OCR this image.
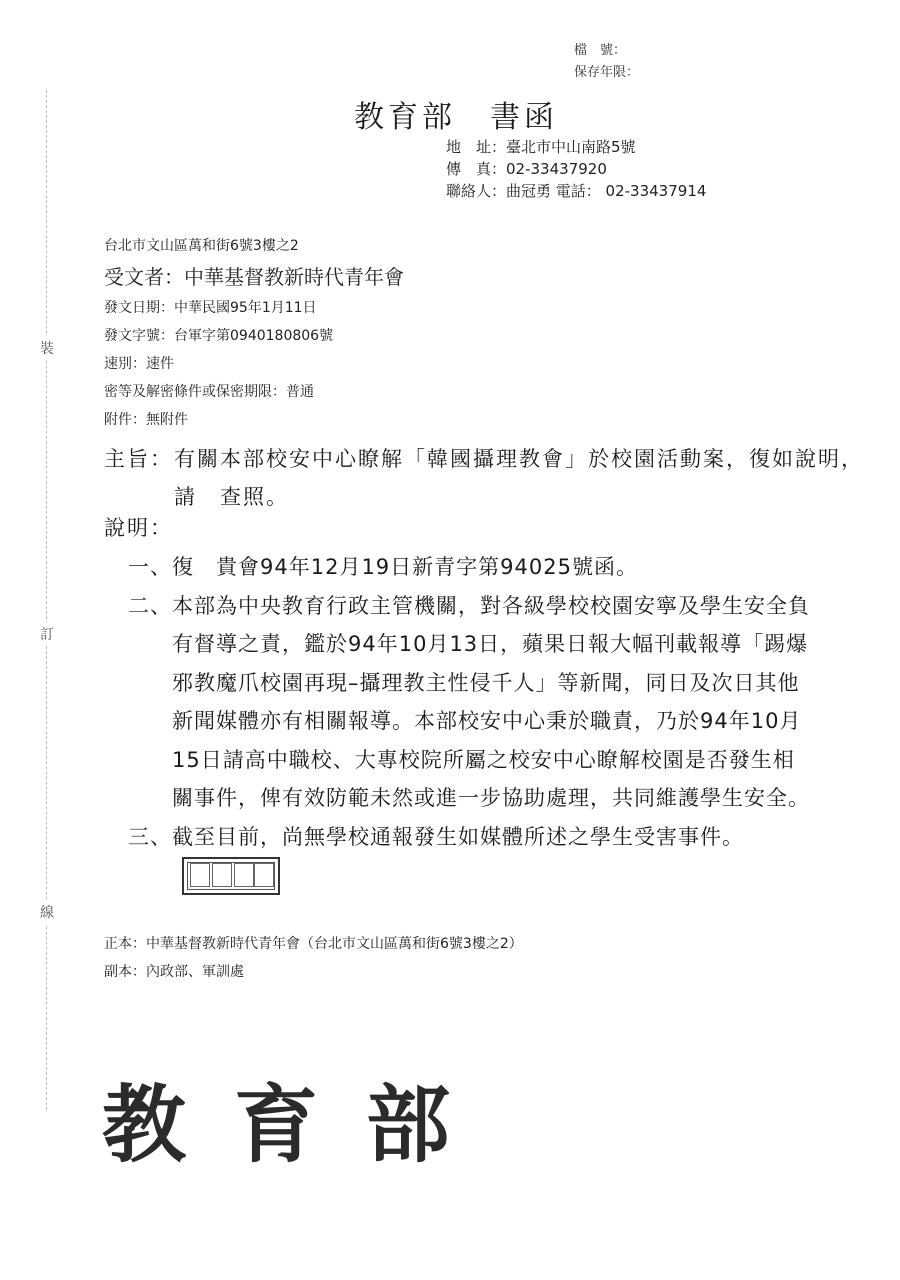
裝
訂
線
檔　號：
保存年限：
教育部　書函
地　址：臺北市中山南路5號
傳　真：02-33437920
聯絡人：曲冠勇 電話： 02-33437914
台北市文山區萬和街6號3樓之2
受文者：中華基督教新時代青年會
發文日期：中華民國95年1月11日
發文字號：台軍字第0940180806號
速別：速件
密等及解密條件或保密期限：普通
附件：無附件
主旨： 有關本部校安中心瞭解「韓國攝理教會」於校園活動案，復如說明，請　查照。
說明：
一、 復　貴會94年12月19日新青字第94025號函。
二、 本部為中央教育行政主管機關，對各級學校校園安寧及學生安全負有督導之責，鑑於94年10月13日，蘋果日報大幅刊載報導「踢爆邪教魔爪校園再現–攝理教主性侵千人」等新聞，同日及次日其他新聞媒體亦有相關報導。本部校安中心秉於職責，乃於94年10月15日請高中職校、大專校院所屬之校安中心瞭解校園是否發生相關事件，俾有效防範未然或進一步協助處理，共同維護學生安全。
三、 截至目前，尚無學校通報發生如媒體所述之學生受害事件。
正本：中華基督教新時代青年會（台北市文山區萬和街6號3樓之2）
副本：內政部、軍訓處
教育部
